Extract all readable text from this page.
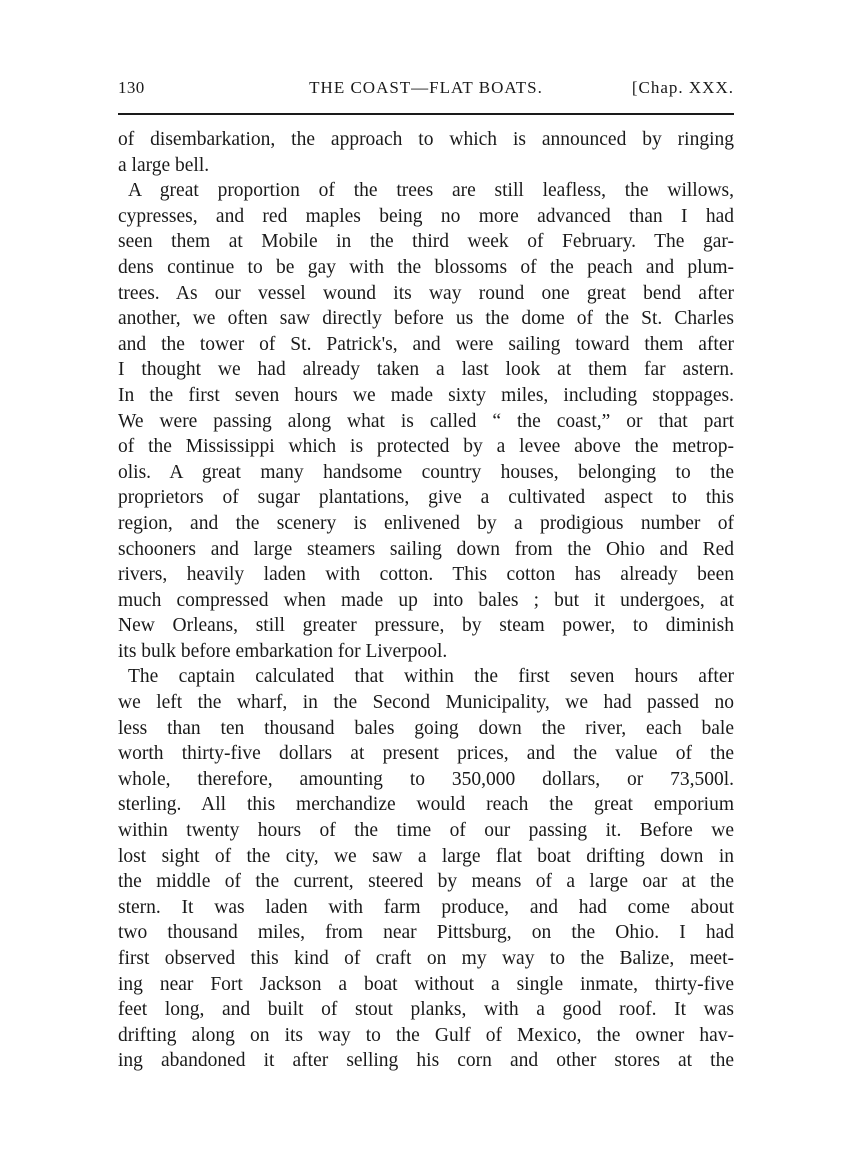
130	THE COAST—FLAT BOATS.	[Chap. XXX.
of disembarkation, the approach to which is announced by ringing
a large bell.
A great proportion of the trees are still leafless, the willows,
cypresses, and red maples being no more advanced than I had
seen them at Mobile in the third week of February. The gar-
dens continue to be gay with the blossoms of the peach and plum-
trees. As our vessel wound its way round one great bend after
another, we often saw directly before us the dome of the St. Charles
and the tower of St. Patrick's, and were sailing toward them after
I thought we had already taken a last look at them far astern.
In the first seven hours we made sixty miles, including stoppages.
We were passing along what is called “ the coast,” or that part
of the Mississippi which is protected by a levee above the metrop-
olis. A great many handsome country houses, belonging to the
proprietors of sugar plantations, give a cultivated aspect to this
region, and the scenery is enlivened by a prodigious number of
schooners and large steamers sailing down from the Ohio and Red
rivers, heavily laden with cotton. This cotton has already been
much compressed when made up into bales ; but it undergoes, at
New Orleans, still greater pressure, by steam power, to diminish
its bulk before embarkation for Liverpool.
The captain calculated that within the first seven hours after
we left the wharf, in the Second Municipality, we had passed no
less than ten thousand bales going down the river, each bale
worth thirty-five dollars at present prices, and the value of the
whole, therefore, amounting to 350,000 dollars, or 73,500l.
sterling. All this merchandize would reach the great emporium
within twenty hours of the time of our passing it. Before we
lost sight of the city, we saw a large flat boat drifting down in
the middle of the current, steered by means of a large oar at the
stern. It was laden with farm produce, and had come about
two thousand miles, from near Pittsburg, on the Ohio. I had
first observed this kind of craft on my way to the Balize, meet-
ing near Fort Jackson a boat without a single inmate, thirty-five
feet long, and built of stout planks, with a good roof. It was
drifting along on its way to the Gulf of Mexico, the owner hav-
ing abandoned it after selling his corn and other stores at the
